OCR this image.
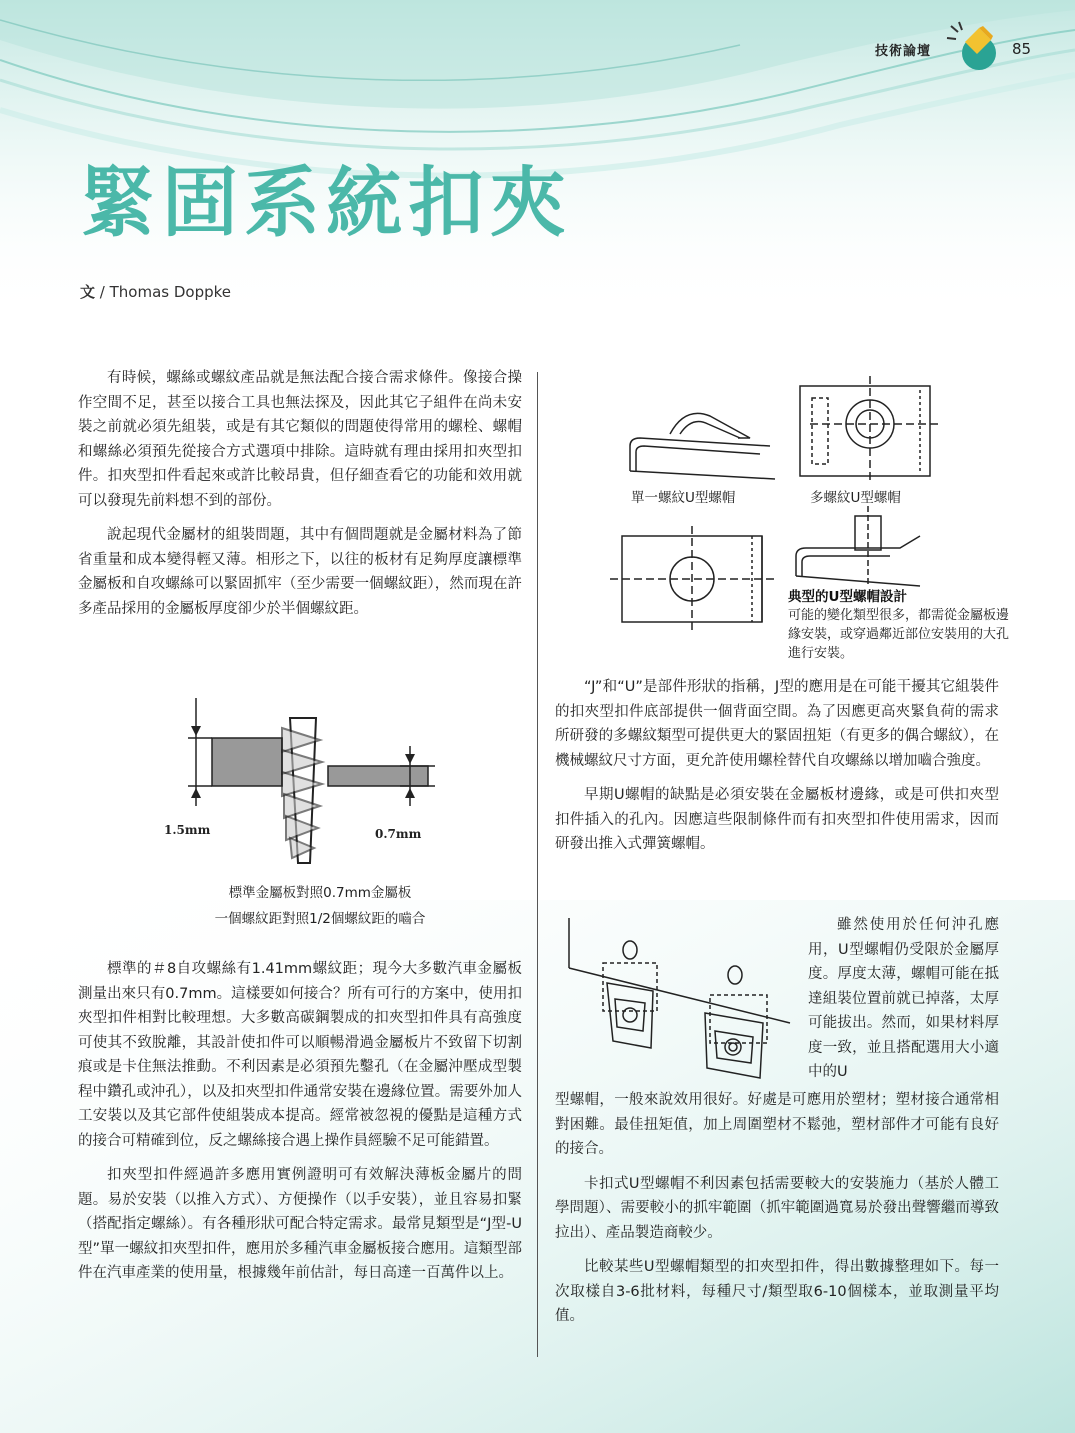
技術論壇	85
緊固系統扣夾
文 / Thomas Doppke

有時候，螺絲或螺紋產品就是無法配合接合需求條件。像接合操作空間不足，甚至以接合工具也無法探及，因此其它子組件在尚未安裝之前就必須先組裝，或是有其它類似的問題使得常用的螺栓、螺帽和螺絲必須預先從接合方式選項中排除。這時就有理由採用扣夾型扣件。扣夾型扣件看起來或許比較昂貴，但仔細查看它的功能和效用就可以發現先前料想不到的部份。

說起現代金屬材的組裝問題，其中有個問題就是金屬材料為了節省重量和成本變得輕又薄。相形之下，以往的板材有足夠厚度讓標準金屬板和自攻螺絲可以緊固抓牢（至少需要一個螺紋距），然而現在許多產品採用的金屬板厚度卻少於半個螺紋距。

1.5mm	0.7mm
標準金屬板對照0.7mm金屬板
一個螺紋距對照1/2個螺紋距的嚙合

標準的＃8自攻螺絲有1.41mm螺紋距；現今大多數汽車金屬板測量出來只有0.7mm。這樣要如何接合？所有可行的方案中，使用扣夾型扣件相對比較理想。大多數高碳鋼製成的扣夾型扣件具有高強度可使其不致脫離，其設計使扣件可以順暢滑過金屬板片不致留下切割痕或是卡住無法推動。不利因素是必須預先鑿孔（在金屬沖壓成型製程中鑽孔或沖孔），以及扣夾型扣件通常安裝在邊緣位置。需要外加人工安裝以及其它部件使組裝成本提高。經常被忽視的優點是這種方式的接合可精確到位，反之螺絲接合遇上操作員經驗不足可能錯置。

扣夾型扣件經過許多應用實例證明可有效解決薄板金屬片的問題。易於安裝（以推入方式）、方便操作（以手安裝），並且容易扣緊（搭配指定螺絲）。有各種形狀可配合特定需求。最常見類型是“J型-U型”單一螺紋扣夾型扣件，應用於多種汽車金屬板接合應用。這類型部件在汽車產業的使用量，根據幾年前估計，每日高達一百萬件以上。

單一螺紋U型螺帽	多螺紋U型螺帽
典型的U型螺帽設計
可能的變化類型很多，都需從金屬板邊緣安裝，或穿過鄰近部位安裝用的大孔進行安裝。

“J”和“U”是部件形狀的指稱，J型的應用是在可能干擾其它組裝件的扣夾型扣件底部提供一個背面空間。為了因應更高夾緊負荷的需求所研發的多螺紋類型可提供更大的緊固扭矩（有更多的偶合螺紋），在機械螺紋尺寸方面，更允許使用螺栓替代自攻螺絲以增加嚙合強度。

早期U螺帽的缺點是必須安裝在金屬板材邊緣，或是可供扣夾型扣件插入的孔內。因應這些限制條件而有扣夾型扣件使用需求，因而研發出推入式彈簧螺帽。

雖然使用於任何沖孔應用，U型螺帽仍受限於金屬厚度。厚度太薄，螺帽可能在抵達組裝位置前就已掉落，太厚可能拔出。然而，如果材料厚度一致，並且搭配選用大小適中的U

型螺帽，一般來說效用很好。好處是可應用於塑材；塑材接合通常相對困難。最佳扭矩值，加上周圍塑材不鬆弛，塑材部件才可能有良好的接合。

卡扣式U型螺帽不利因素包括需要較大的安裝施力（基於人體工學問題）、需要較小的抓牢範圍（抓牢範圍過寬易於發出聲響繼而導致拉出）、產品製造商較少。

比較某些U型螺帽類型的扣夾型扣件，得出數據整理如下。每一次取樣自3-6批材料，每種尺寸/類型取6-10個樣本，並取測量平均值。
